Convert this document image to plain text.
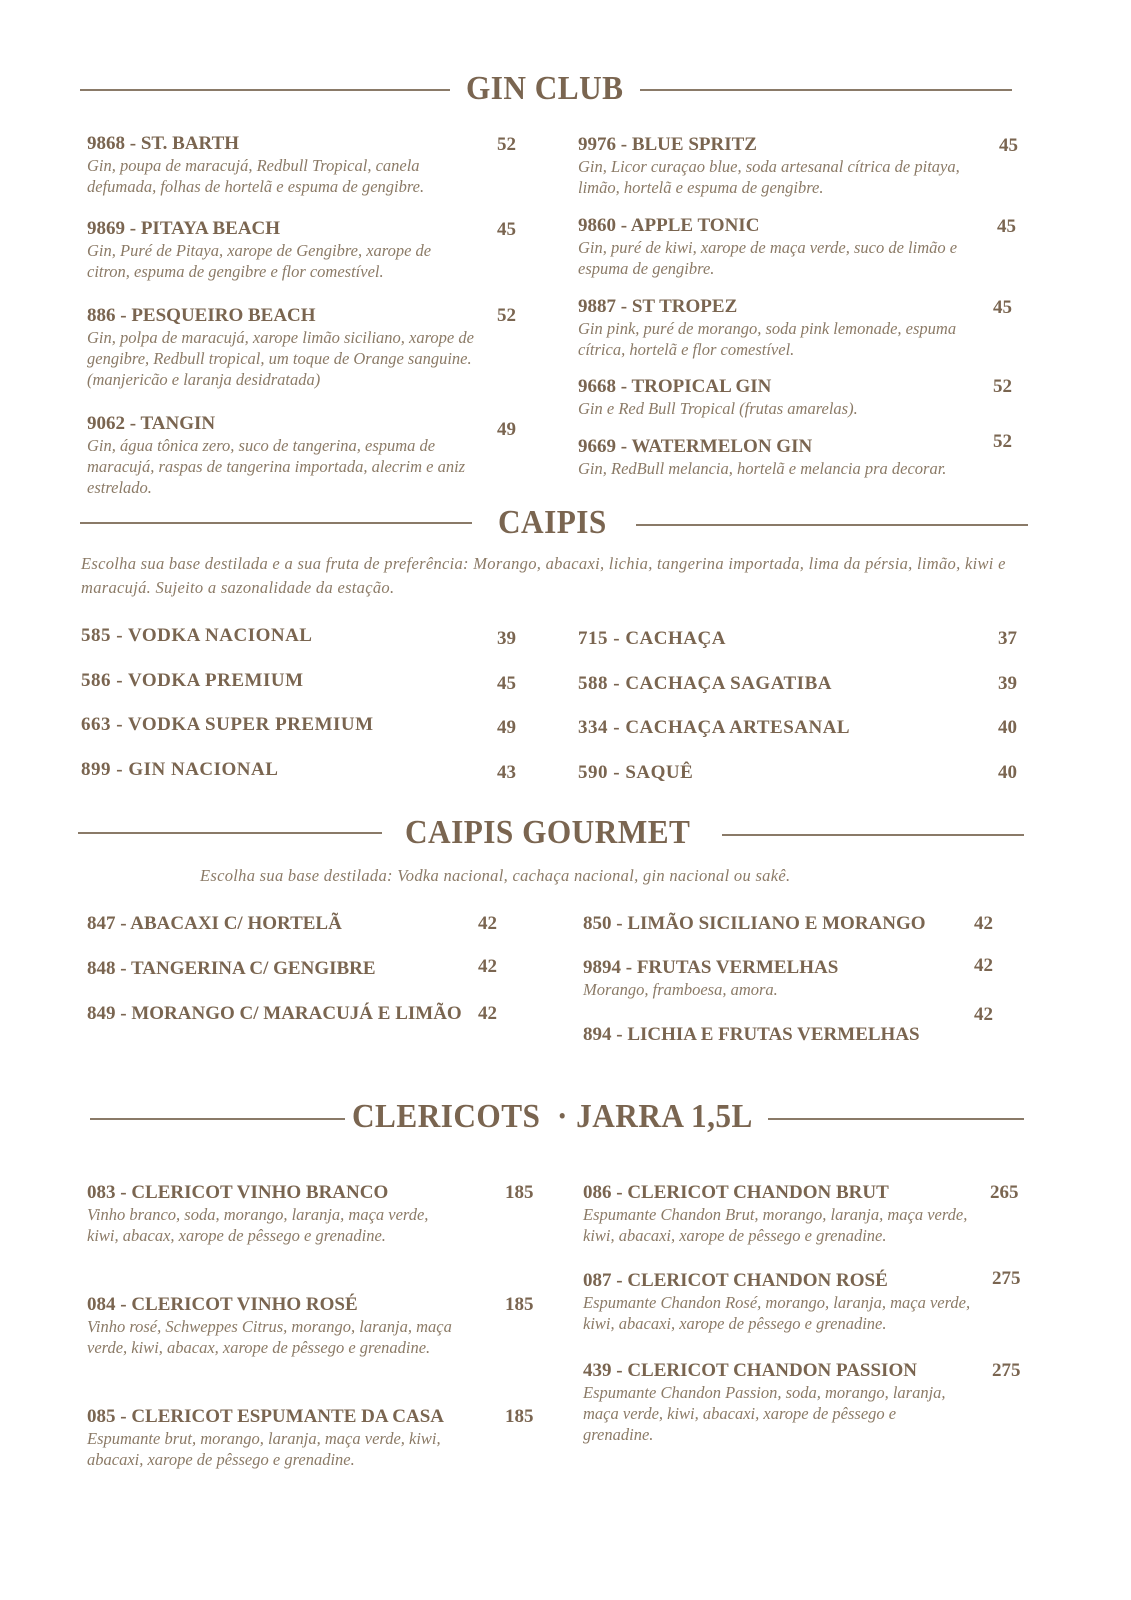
GIN CLUB
9868 - ST. BARTH
Gin, poupa de maracujá, Redbull Tropical, canela defumada, folhas de hortelã e espuma de gengibre.
52
9869 - PITAYA BEACH
Gin, Puré de Pitaya, xarope de Gengibre, xarope de citron, espuma de gengibre e flor comestível.
45
886 - PESQUEIRO BEACH
Gin, polpa de maracujá, xarope limão siciliano, xarope de gengibre, Redbull tropical, um toque de Orange sanguine. (manjericão e laranja desidratada)
52
9062 - TANGIN
Gin, água tônica zero, suco de tangerina, espuma de maracujá, raspas de tangerina importada, alecrim e aniz estrelado.
49
9976 - BLUE SPRITZ
Gin, Licor curaçao blue, soda artesanal cítrica de pitaya, limão, hortelã e espuma de gengibre.
45
9860 - APPLE TONIC
Gin, puré de kiwi, xarope de maça verde, suco de limão e espuma de gengibre.
45
9887 - ST TROPEZ
Gin pink, puré de morango, soda pink lemonade, espuma cítrica, hortelã e flor comestível.
45
9668 - TROPICAL GIN
Gin e Red Bull Tropical (frutas amarelas).
52
9669 - WATERMELON GIN
Gin, RedBull melancia, hortelã e melancia pra decorar.
52
CAIPIS
Escolha sua base destilada e a sua fruta de preferência: Morango, abacaxi, lichia, tangerina importada, lima da pérsia, limão, kiwi e maracujá. Sujeito a sazonalidade da estação.
585 - VODKA NACIONAL	39
586 - VODKA PREMIUM	45
663 - VODKA SUPER PREMIUM	49
899 - GIN NACIONAL	43
715 - CACHAÇA	37
588 - CACHAÇA SAGATIBA	39
334 - CACHAÇA ARTESANAL	40
590 - SAQUÊ	40
CAIPIS GOURMET
Escolha sua base destilada: Vodka nacional, cachaça nacional, gin nacional ou sakê.
847 - ABACAXI C/ HORTELÃ	42
848 - TANGERINA C/ GENGIBRE	42
849 - MORANGO C/ MARACUJÁ E LIMÃO 42
850 - LIMÃO SICILIANO E MORANGO	42
9894 - FRUTAS VERMELHAS
Morango, framboesa, amora.
42
894 - LICHIA E FRUTAS VERMELHAS
42
CLERICOTS  · JARRA 1,5L
083 - CLERICOT VINHO BRANCO
Vinho branco, soda, morango, laranja, maça verde, kiwi, abacax, xarope de pêssego e grenadine.
185
084 - CLERICOT VINHO ROSÉ
Vinho rosé, Schweppes Citrus, morango, laranja, maça verde, kiwi, abacax, xarope de pêssego e grenadine.
185
085 - CLERICOT ESPUMANTE DA CASA
Espumante brut, morango, laranja, maça verde, kiwi, abacaxi, xarope de pêssego e grenadine.
185
086 - CLERICOT CHANDON BRUT
Espumante Chandon Brut, morango, laranja, maça verde, kiwi, abacaxi, xarope de pêssego e grenadine.
265
087 - CLERICOT CHANDON ROSÉ
Espumante Chandon Rosé, morango, laranja, maça verde, kiwi, abacaxi, xarope de pêssego e grenadine.
275
439 - CLERICOT CHANDON PASSION
Espumante Chandon Passion, soda, morango, laranja, maça verde, kiwi, abacaxi, xarope de pêssego e grenadine.
275
